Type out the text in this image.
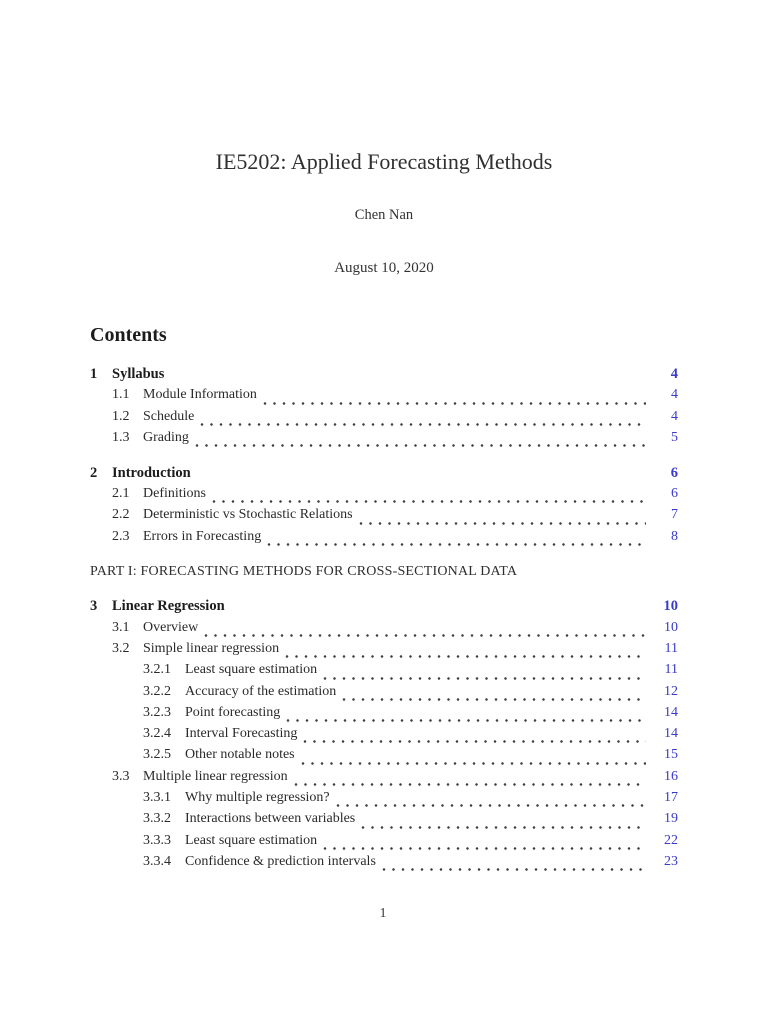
IE5202: Applied Forecasting Methods
Chen Nan
August 10, 2020
Contents
1	Syllabus	4
1.1 Module Information	4
1.2 Schedule	4
1.3 Grading	5
2	Introduction	6
2.1 Definitions	6
2.2 Deterministic vs Stochastic Relations	7
2.3 Errors in Forecasting	8
PART I: FORECASTING METHODS FOR CROSS-SECTIONAL DATA
3	Linear Regression	10
3.1 Overview	10
3.2 Simple linear regression	11
3.2.1	Least square estimation	11
3.2.2	Accuracy of the estimation	12
3.2.3	Point forecasting	14
3.2.4	Interval Forecasting	14
3.2.5	Other notable notes	15
3.3 Multiple linear regression	16
3.3.1	Why multiple regression?	17
3.3.2	Interactions between variables	19
3.3.3	Least square estimation	22
3.3.4	Confidence & prediction intervals	23
1
